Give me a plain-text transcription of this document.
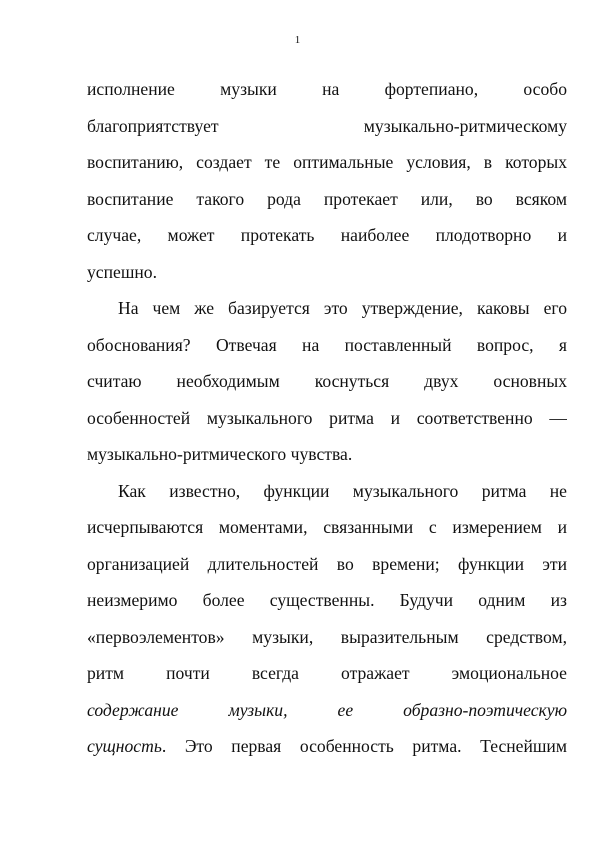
1
исполнение музыки на фортепиано, особо
благоприятствует музыкально-ритмическому
воспитанию, создает те оптимальные условия, в которых
воспитание такого рода протекает или, во всяком
случае, может протекать наиболее плодотворно и
успешно.
На чем же базируется это утверждение, каковы его
обоснования? Отвечая на поставленный вопрос, я
считаю необходимым коснуться двух основных
особенностей музыкального ритма и соответственно —
музыкально-ритмического чувства.
Как известно, функции музыкального ритма не
исчерпываются моментами, связанными с измерением и
организацией длительностей во времени; функции эти
неизмеримо более существенны. Будучи одним из
«первоэлементов» музыки, выразительным средством,
ритм почти всегда отражает эмоциональное
содержание музыки, ее образно-поэтическую
сущность. Это первая особенность ритма. Теснейшим
